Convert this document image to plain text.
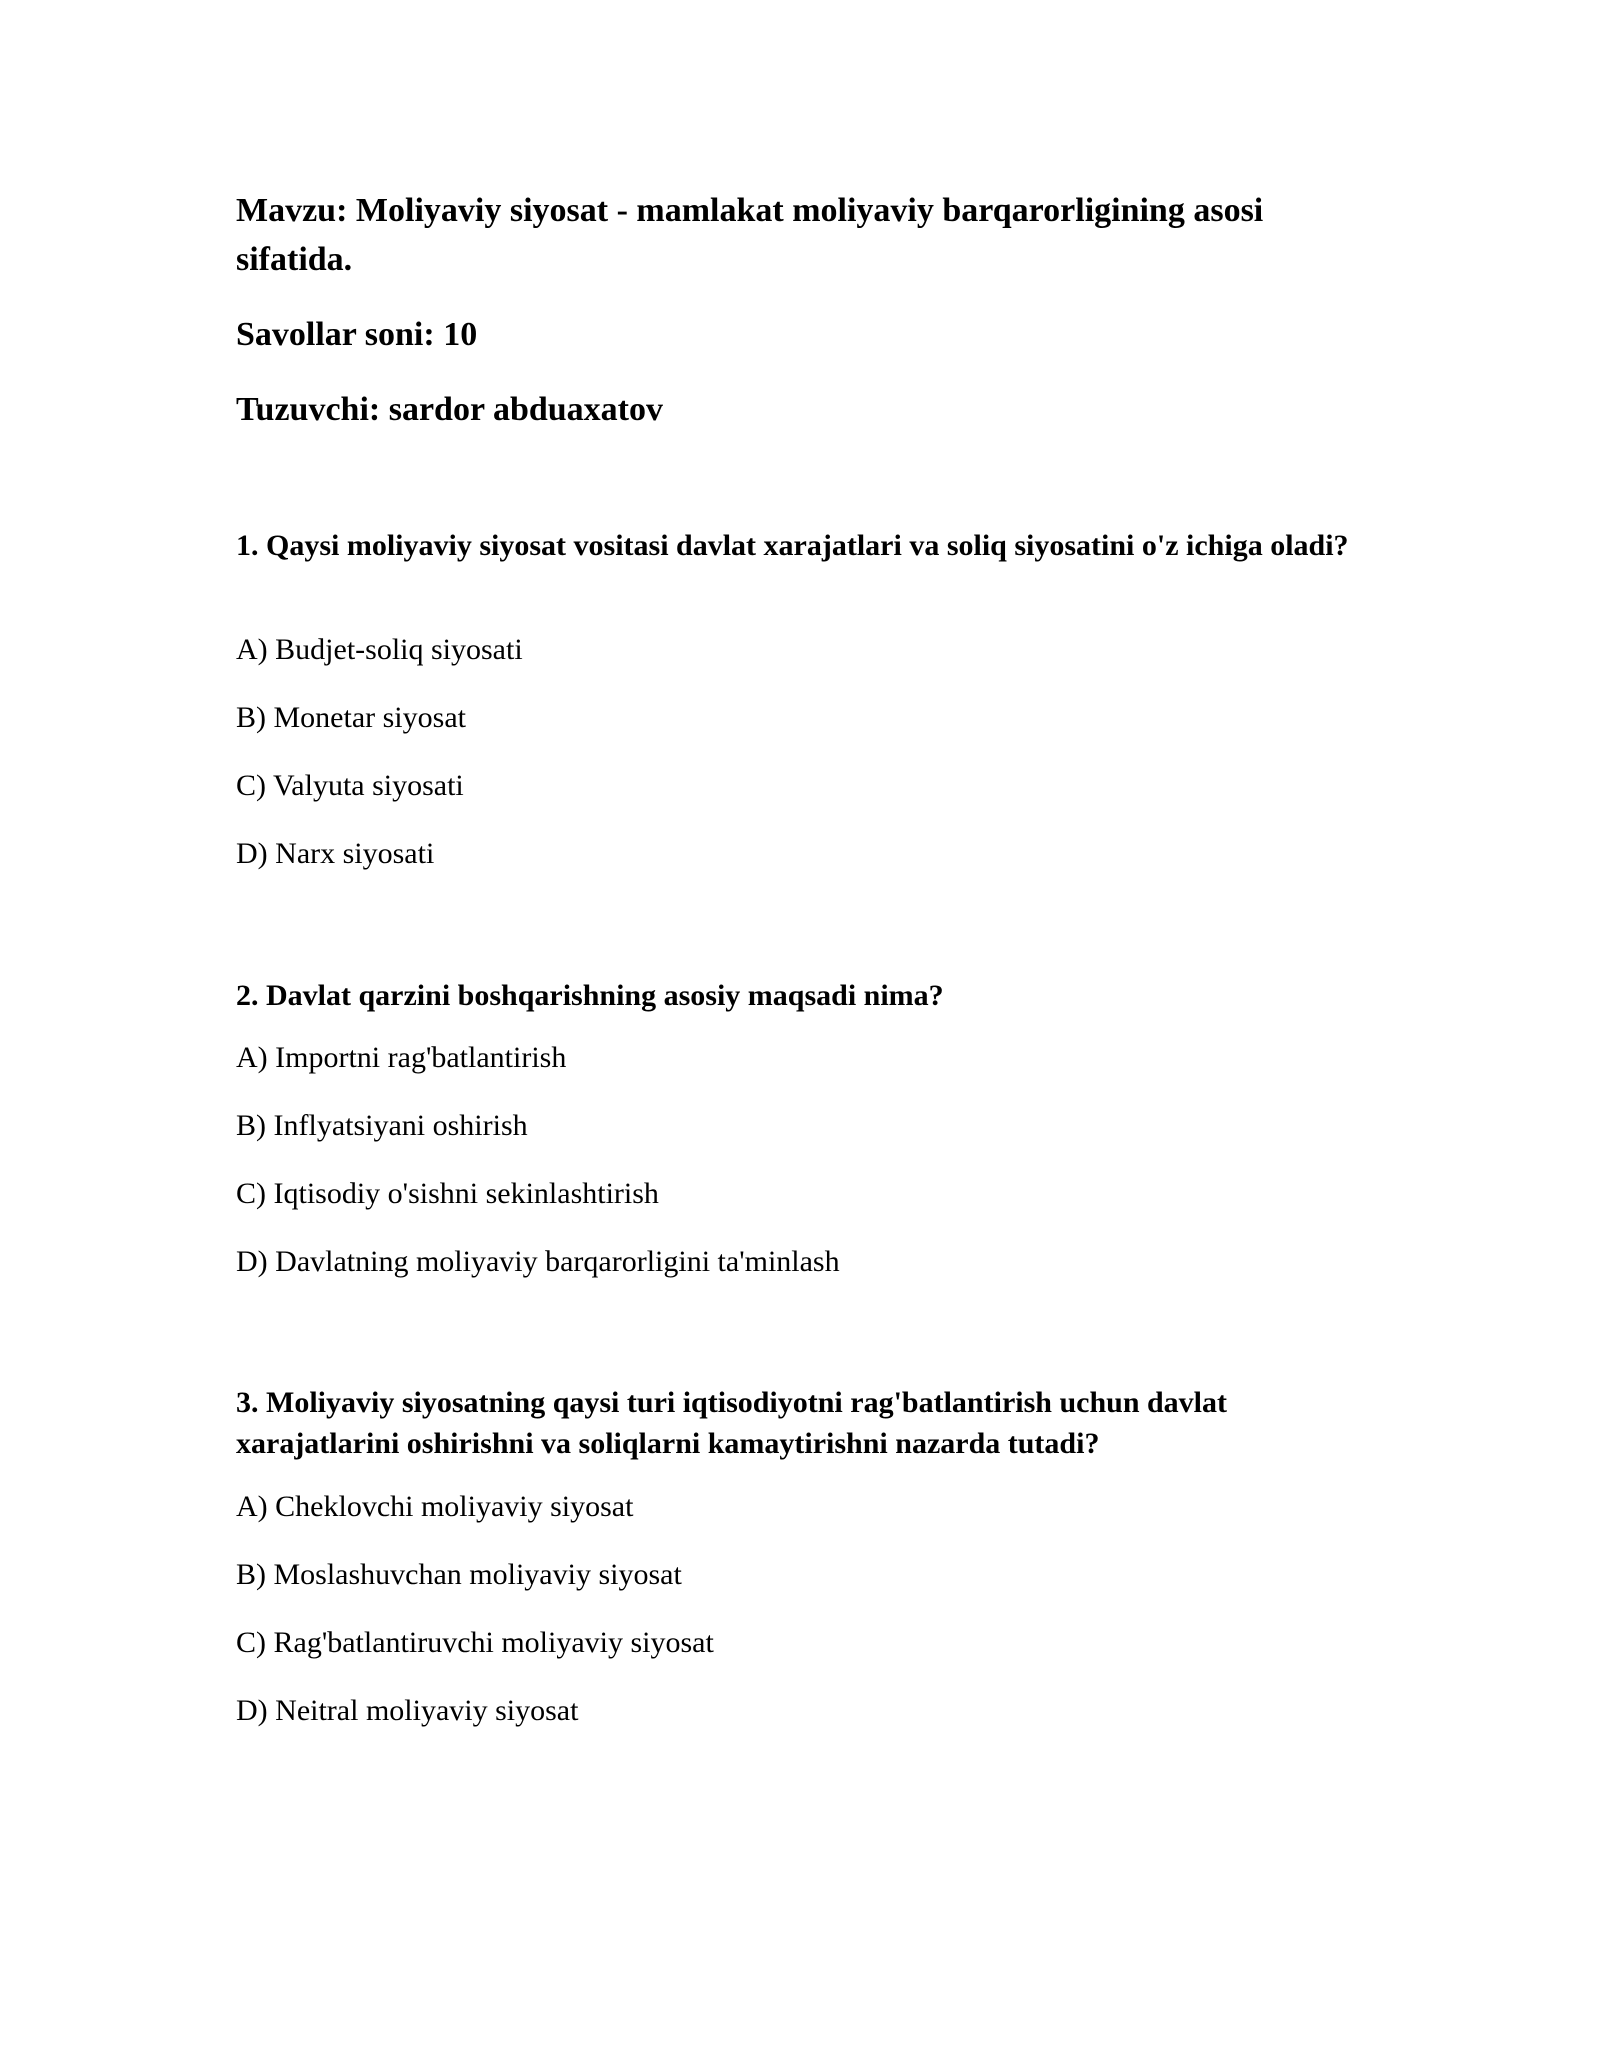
Mavzu: Moliyaviy siyosat - mamlakat moliyaviy barqarorligining asosi

sifatida.

Savollar soni: 10

Tuzuvchi: sardor abduaxatov

1. Qaysi moliyaviy siyosat vositasi davlat xarajatlari va soliq siyosatini o'z ichiga oladi?

A) Budjet-soliq siyosati

B) Monetar siyosat

C) Valyuta siyosati

D) Narx siyosati

2. Davlat qarzini boshqarishning asosiy maqsadi nima?

A) Importni rag'batlantirish

B) Inflyatsiyani oshirish

C) Iqtisodiy o'sishni sekinlashtirish

D) Davlatning moliyaviy barqarorligini ta'minlash

3. Moliyaviy siyosatning qaysi turi iqtisodiyotni rag'batlantirish uchun davlat xarajatlarini oshirishni va soliqlarni kamaytirishni nazarda tutadi?

A) Cheklovchi moliyaviy siyosat

B) Moslashuvchan moliyaviy siyosat

C) Rag'batlantiruvchi moliyaviy siyosat

D) Neitral moliyaviy siyosat
